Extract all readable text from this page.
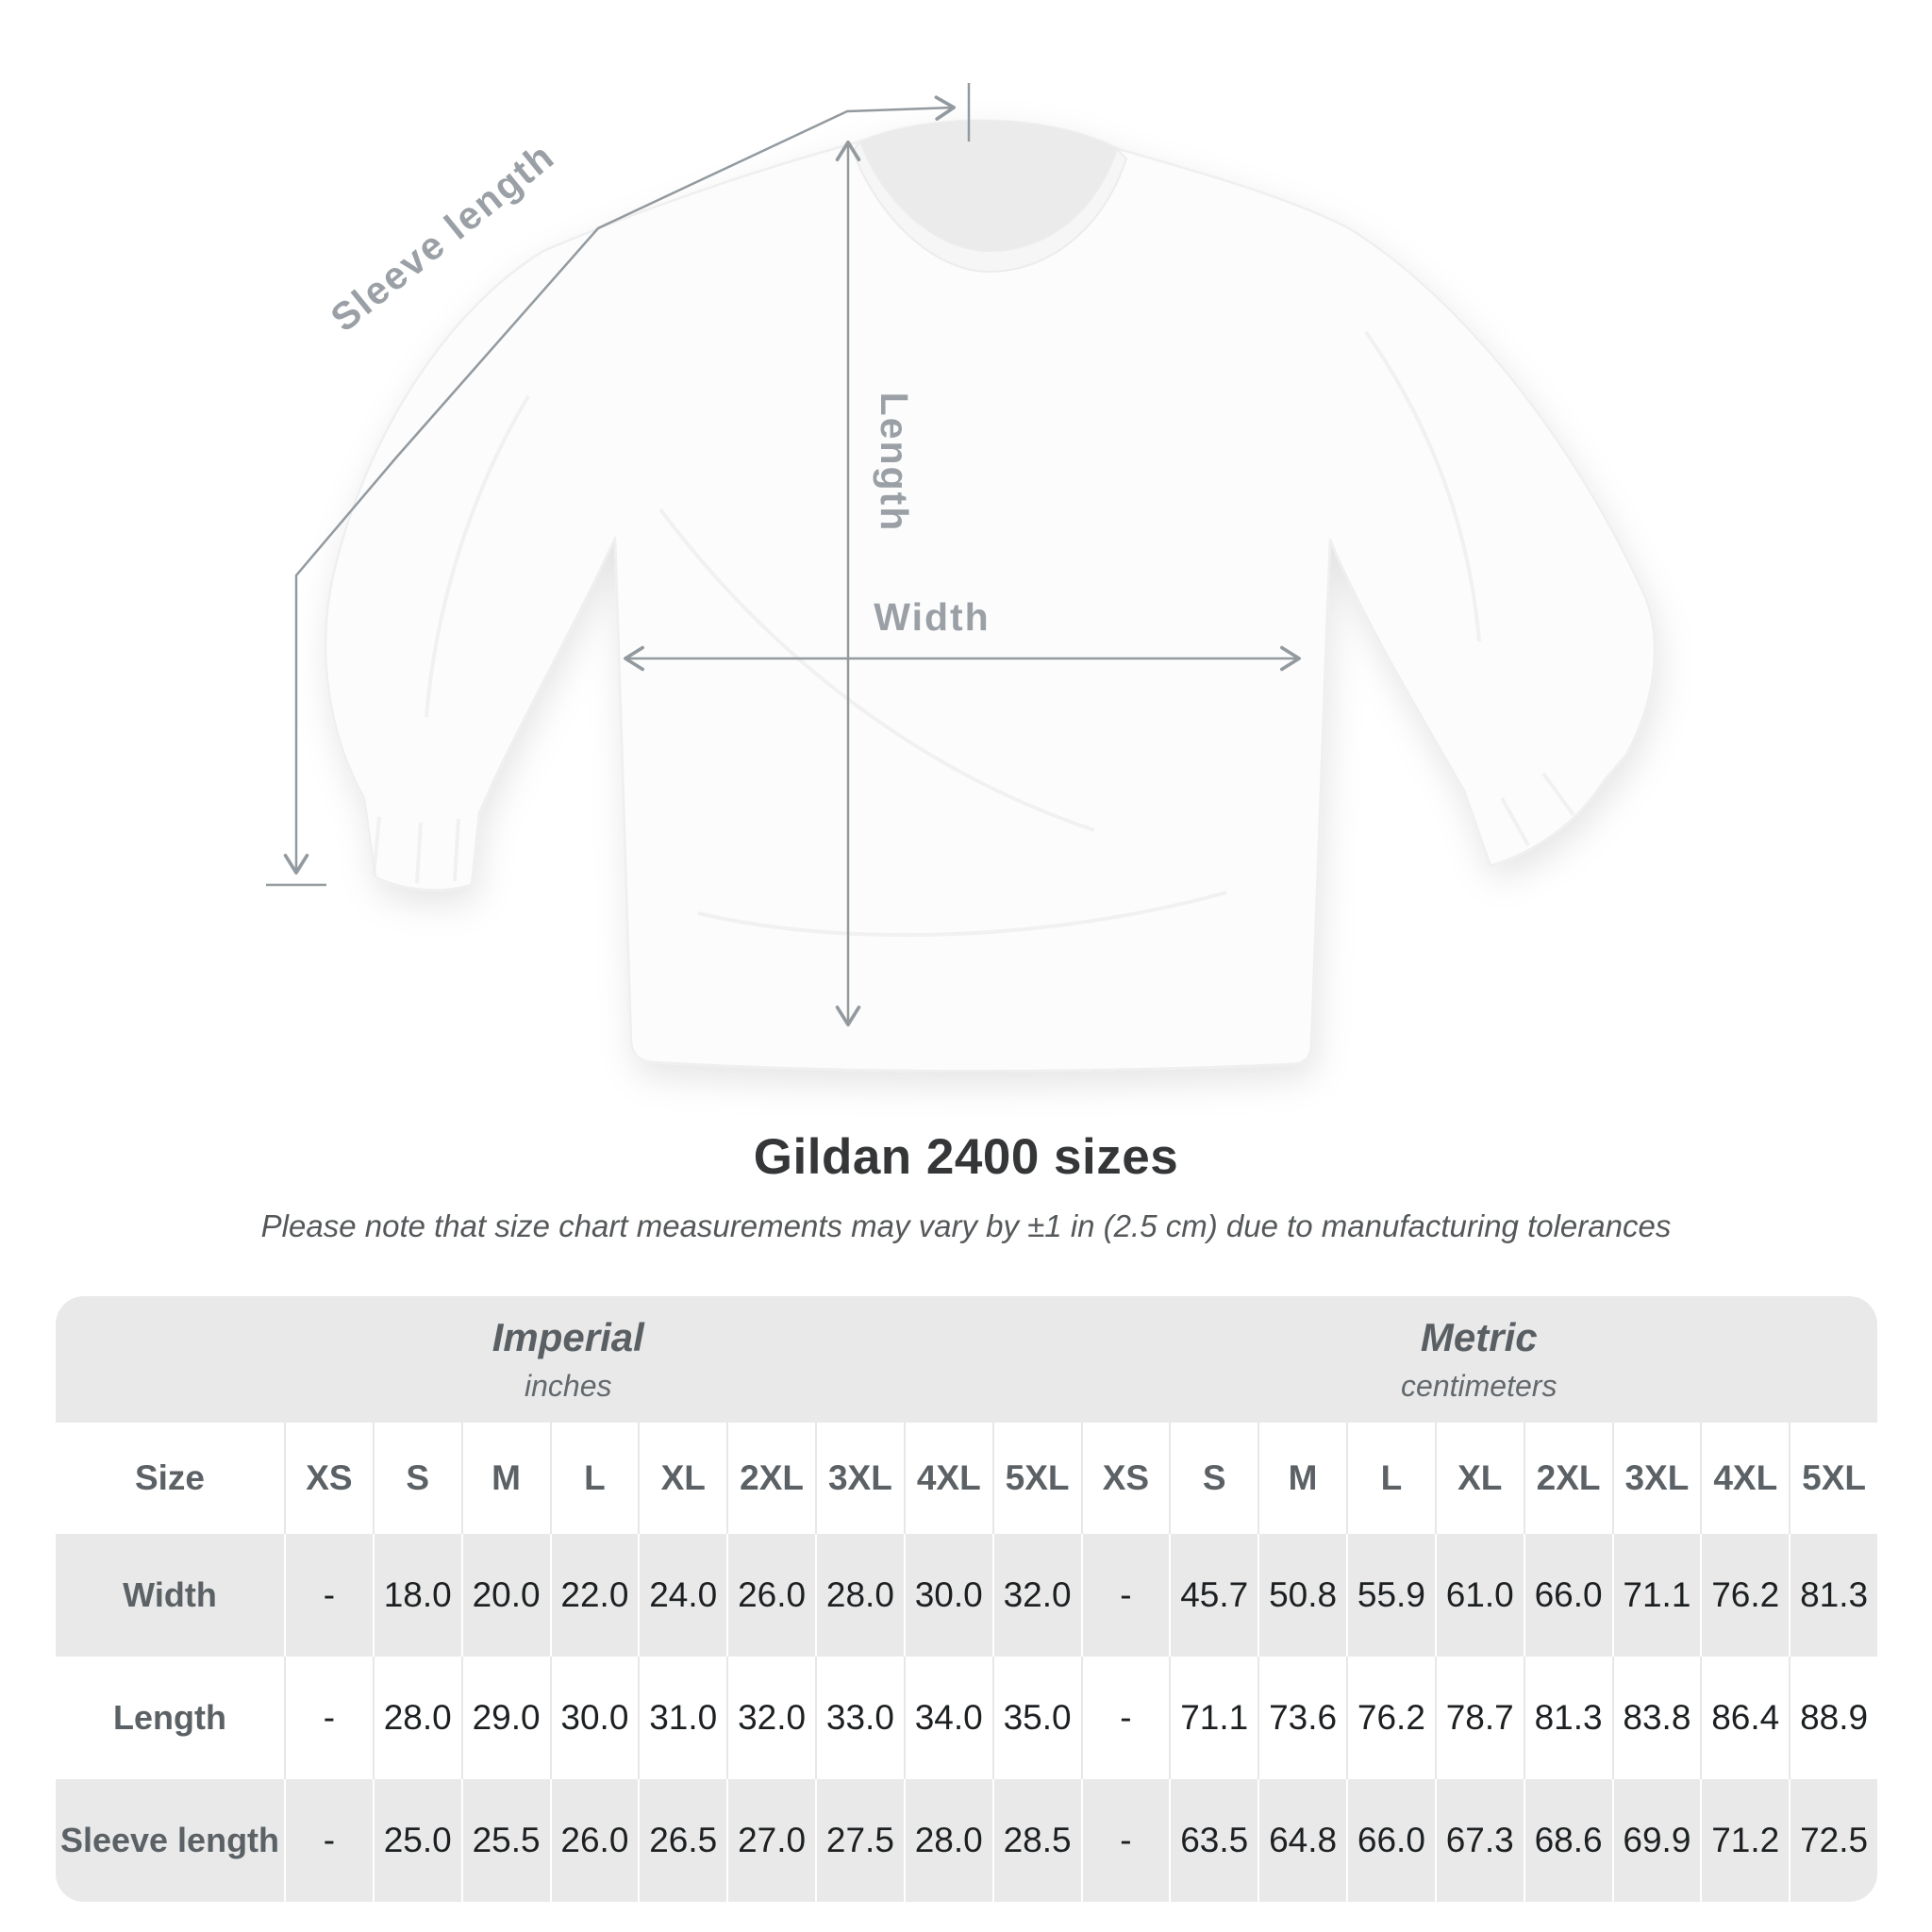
Sleeve length
Length
Width
Gildan 2400 sizes
Please note that size chart measurements may vary by ±1 in (2.5 cm) due to manufacturing tolerances
Imperial
inches
Metric
centimeters
Size	XS	S	M	L	XL 2XL 3XL 4XL 5XL XS	S	M	L	XL 2XL 3XL 4XL 5XL
Width	-	18.0 20.0 22.0 24.0 26.0 28.0 30.0 32.0	-	45.7 50.8 55.9 61.0 66.0 71.1 76.2 81.3
Length	-	28.0 29.0 30.0 31.0 32.0 33.0 34.0 35.0	-	71.1 73.6 76.2 78.7 81.3 83.8 86.4 88.9
Sleeve length	-	25.0 25.5 26.0 26.5 27.0 27.5 28.0 28.5	-	63.5 64.8 66.0 67.3 68.6 69.9 71.2 72.5
